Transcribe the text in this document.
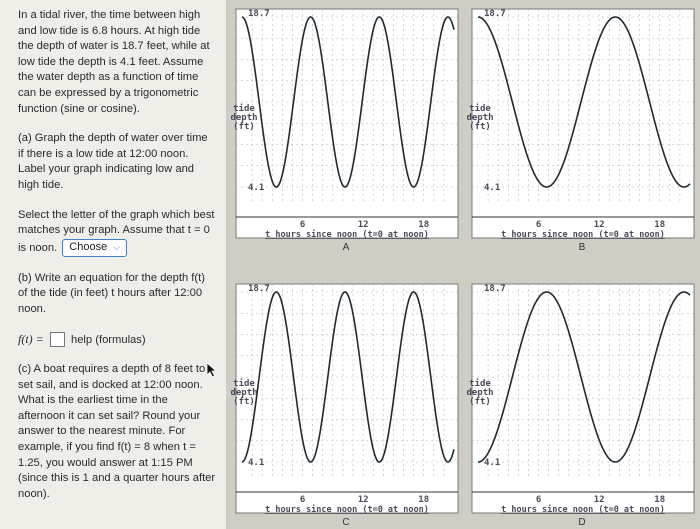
In a tidal river, the time between high and low tide is 6.8 hours. At high tide the depth of water is 18.7 feet, while at low tide the depth is 4.1 feet. Assume the water depth as a function of time can be expressed by a trigonometric function (sine or cosine).
(a) Graph the depth of water over time if there is a low tide at 12:00 noon. Label your graph indicating low and high tide.
Select the letter of the graph which best matches your graph. Assume that t = 0 is noon. Choose ⌵
(b) Write an equation for the depth f(t) of the tide (in feet) t hours after 12:00 noon.
f(t) = help (formulas)
(c) A boat requires a depth of 8 feet to set sail, and is docked at 12:00 noon. What is the earliest time in the afternoon it can set sail? Round your answer to the nearest minute. For example, if you find f(t) = 8 when t = 1.25, you would answer at 1:15 PM (since this is 1 and a quarter hours after noon).
18.7
4.1
tide
depth
(ft)
6	12	18
t hours since noon (t=0 at noon)
A
18.7
4.1
tide
depth
(ft)
6	12	18
t hours since noon (t=0 at noon)
B
18.7
4.1
tide
depth
(ft)
6	12	18
t hours since noon (t=0 at noon)
C
18.7
4.1
tide
depth
(ft)
6	12	18
t hours since noon (t=0 at noon)
D
